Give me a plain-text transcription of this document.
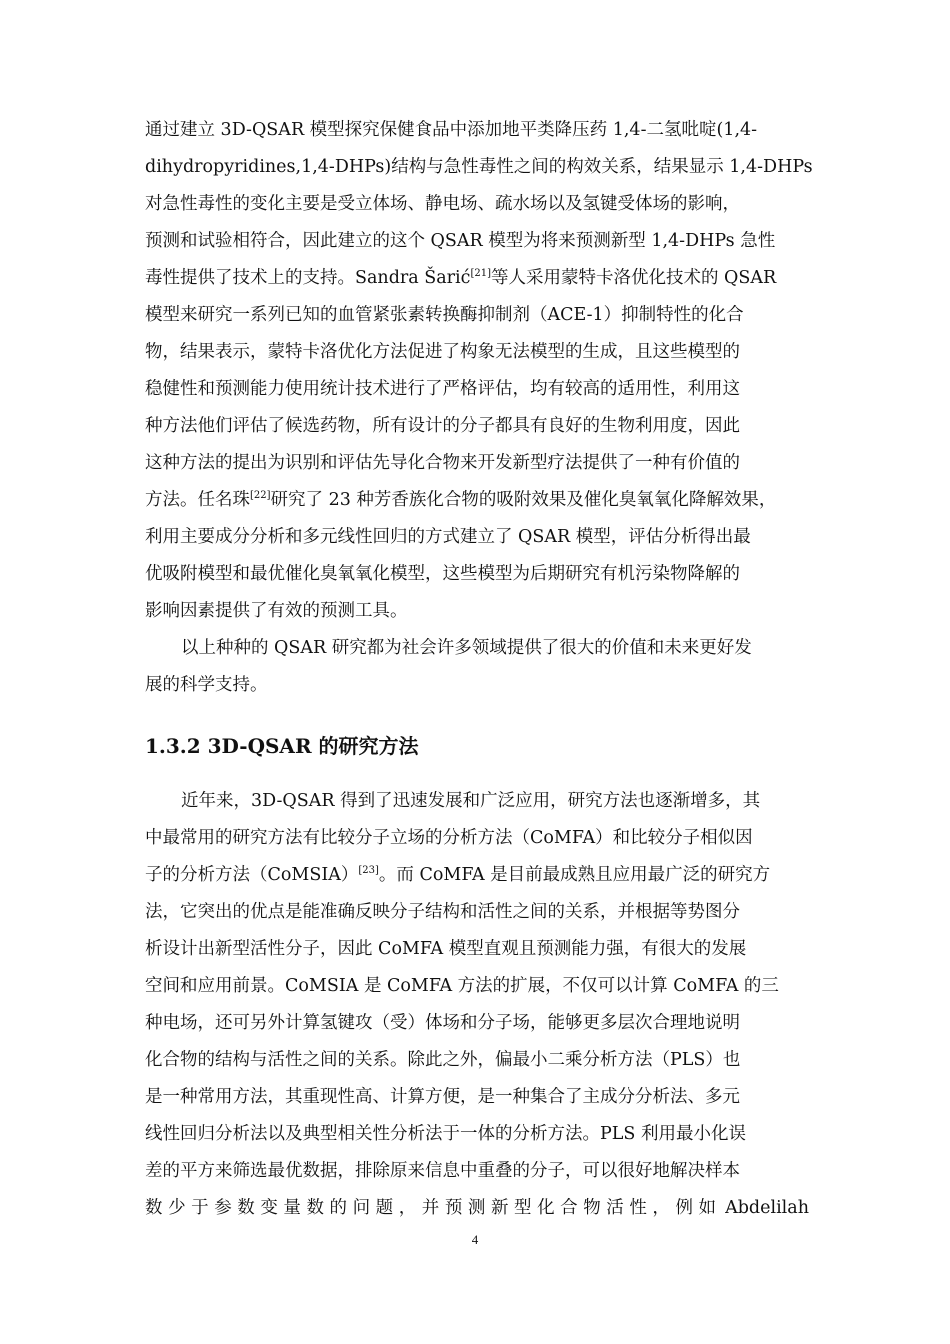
通过建立 3D-QSAR 模型探究保健食品中添加地平类降压药 1,4-二氢吡啶(1,4-
dihydropyridines,1,4-DHPs)结构与急性毒性之间的构效关系，结果显示 1,4-DHPs
对急性毒性的变化主要是受立体场、静电场、疏水场以及氢键受体场的影响，
预测和试验相符合，因此建立的这个 QSAR 模型为将来预测新型 1,4-DHPs 急性
毒性提供了技术上的支持。Sandra Šarić[21]等人采用蒙特卡洛优化技术的 QSAR
模型来研究一系列已知的血管紧张素转换酶抑制剂（ACE-1）抑制特性的化合
物，结果表示，蒙特卡洛优化方法促进了构象无法模型的生成，且这些模型的
稳健性和预测能力使用统计技术进行了严格评估，均有较高的适用性，利用这
种方法他们评估了候选药物，所有设计的分子都具有良好的生物利用度，因此
这种方法的提出为识别和评估先导化合物来开发新型疗法提供了一种有价值的
方法。任名珠[22]研究了 23 种芳香族化合物的吸附效果及催化臭氧氧化降解效果，
利用主要成分分析和多元线性回归的方式建立了 QSAR 模型，评估分析得出最
优吸附模型和最优催化臭氧氧化模型，这些模型为后期研究有机污染物降解的
影响因素提供了有效的预测工具。
以上种种的 QSAR 研究都为社会许多领域提供了很大的价值和未来更好发
展的科学支持。
1.3.2 3D-QSAR 的研究方法
近年来，3D-QSAR 得到了迅速发展和广泛应用，研究方法也逐渐增多，其
中最常用的研究方法有比较分子立场的分析方法（CoMFA）和比较分子相似因
子的分析方法（CoMSIA）[23]。而 CoMFA 是目前最成熟且应用最广泛的研究方
法，它突出的优点是能准确反映分子结构和活性之间的关系，并根据等势图分
析设计出新型活性分子，因此 CoMFA 模型直观且预测能力强，有很大的发展
空间和应用前景。CoMSIA 是 CoMFA 方法的扩展，不仅可以计算 CoMFA 的三
种电场，还可另外计算氢键攻（受）体场和分子场，能够更多层次合理地说明
化合物的结构与活性之间的关系。除此之外，偏最小二乘分析方法（PLS）也
是一种常用方法，其重现性高、计算方便，是一种集合了主成分分析法、多元
线性回归分析法以及典型相关性分析法于一体的分析方法。PLS 利用最小化误
差的平方来筛选最优数据，排除原来信息中重叠的分子，可以很好地解决样本
数 少 于 参 数 变 量 数 的 问 题 ， 并 预 测 新 型 化 合 物 活 性 ， 例 如 Abdelilah
4
